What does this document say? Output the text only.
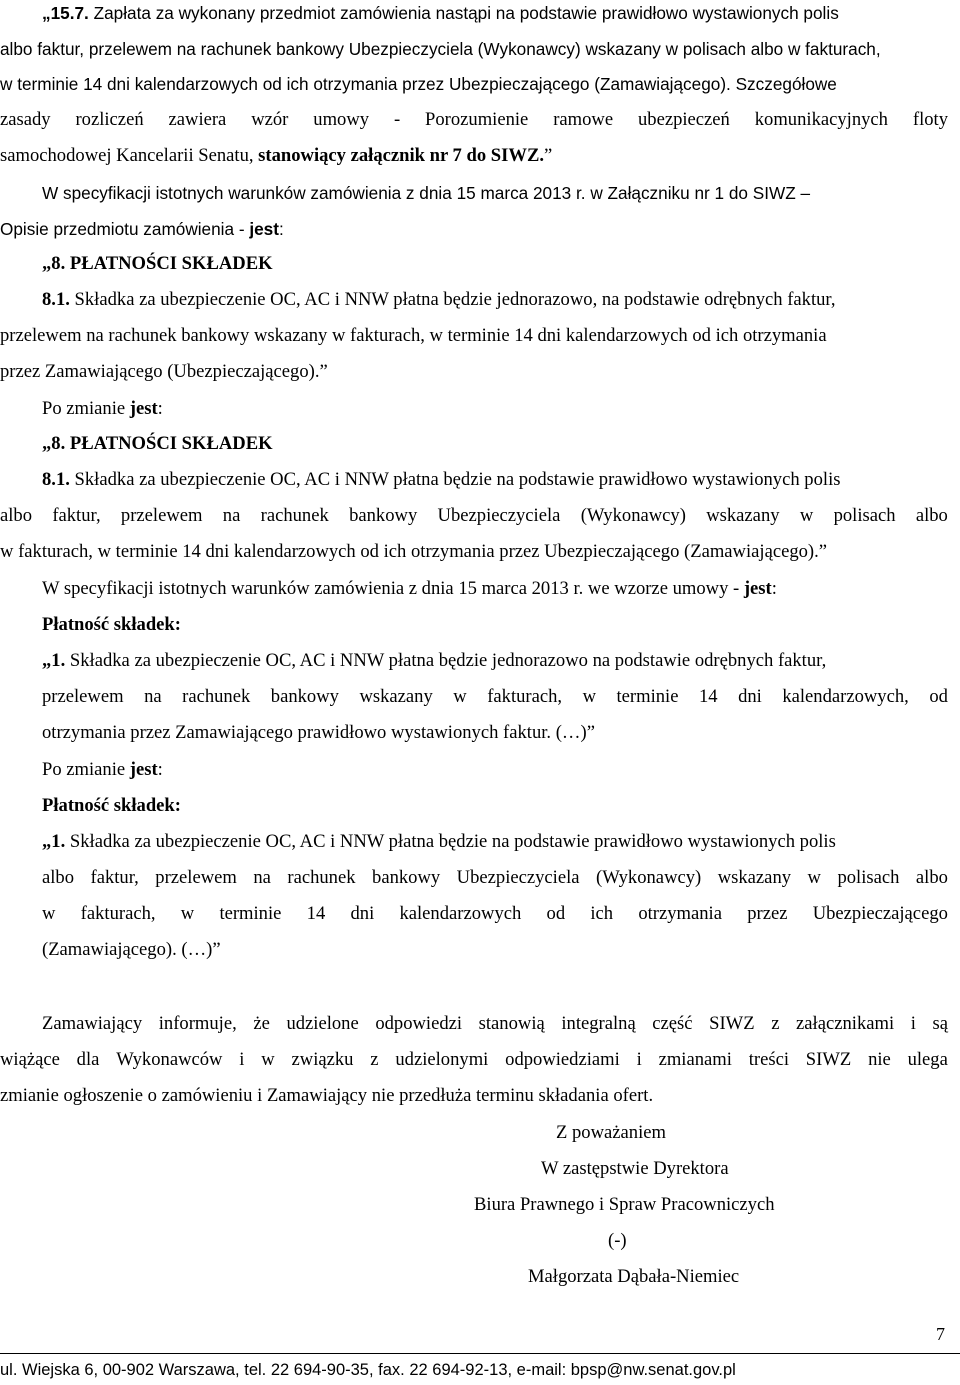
„15.7. Zapłata za wykonany przedmiot zamówienia nastąpi na podstawie prawidłowo wystawionych polis
albo faktur, przelewem na rachunek bankowy Ubezpieczyciela (Wykonawcy) wskazany w polisach albo w fakturach,
w terminie 14 dni kalendarzowych od ich otrzymania przez Ubezpieczającego (Zamawiającego). Szczegółowe
zasady rozliczeń zawiera wzór umowy - Porozumienie ramowe ubezpieczeń komunikacyjnych floty
samochodowej Kancelarii Senatu, stanowiący załącznik nr 7 do SIWZ.”
W specyfikacji istotnych warunków zamówienia z dnia 15 marca 2013 r. w Załączniku nr 1 do SIWZ –
Opisie przedmiotu zamówienia - jest:
„8. PŁATNOŚCI SKŁADEK
8.1. Składka za ubezpieczenie OC, AC i NNW płatna będzie jednorazowo, na podstawie odrębnych faktur,
przelewem na rachunek bankowy wskazany w fakturach, w terminie 14 dni kalendarzowych od ich otrzymania
przez Zamawiającego (Ubezpieczającego).”
Po zmianie jest:
„8. PŁATNOŚCI SKŁADEK
8.1. Składka za ubezpieczenie OC, AC i NNW płatna będzie na podstawie prawidłowo wystawionych polis
albo faktur, przelewem na rachunek bankowy Ubezpieczyciela (Wykonawcy) wskazany w polisach albo
w fakturach, w terminie 14 dni kalendarzowych od ich otrzymania przez Ubezpieczającego (Zamawiającego).”
W specyfikacji istotnych warunków zamówienia z dnia 15 marca 2013 r. we wzorze umowy - jest:
Płatność składek:
„1. Składka za ubezpieczenie OC, AC i NNW płatna będzie jednorazowo na podstawie odrębnych faktur,
przelewem na rachunek bankowy wskazany w fakturach, w terminie 14 dni kalendarzowych, od
otrzymania przez Zamawiającego prawidłowo wystawionych faktur. (…)”
Po zmianie jest:
Płatność składek:
„1. Składka za ubezpieczenie OC, AC i NNW płatna będzie na podstawie prawidłowo wystawionych polis
albo faktur, przelewem na rachunek bankowy Ubezpieczyciela (Wykonawcy) wskazany w polisach albo
w fakturach, w terminie 14 dni kalendarzowych od ich otrzymania przez Ubezpieczającego
(Zamawiającego). (…)”
Zamawiający informuje, że udzielone odpowiedzi stanowią integralną część SIWZ z załącznikami i są
wiążące dla Wykonawców i w związku z udzielonymi odpowiedziami i zmianami treści SIWZ nie ulega
zmianie ogłoszenie o zamówieniu i Zamawiający nie przedłuża terminu składania ofert.
Z poważaniem
W zastępstwie Dyrektora
Biura Prawnego i Spraw Pracowniczych
(-)
Małgorzata Dąbała-Niemiec
7
ul. Wiejska 6, 00-902 Warszawa, tel. 22 694-90-35, fax. 22 694-92-13, e-mail: bpsp@nw.senat.gov.pl
